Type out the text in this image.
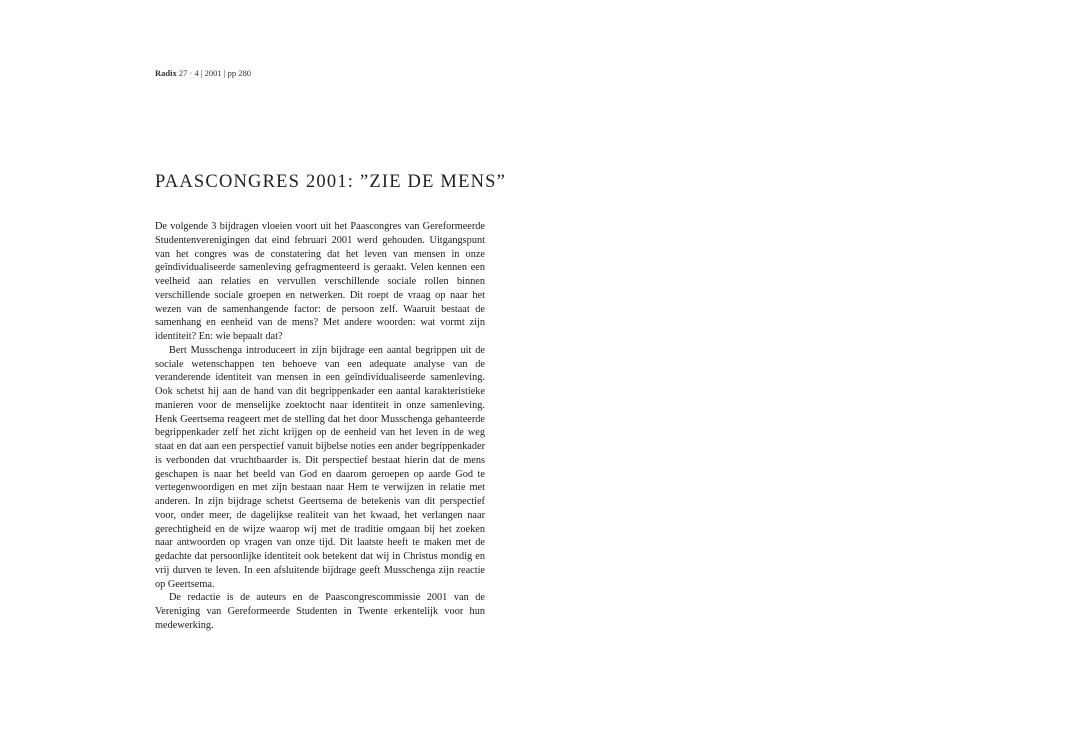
Radix 27 · 4 | 2001 | pp 280
PAASCONGRES 2001: ”ZIE DE MENS”

De volgende 3 bijdragen vloeien voort uit het Paascongres van Gereformeerde Studentenverenigingen dat eind februari 2001 werd gehouden. Uitgangspunt van het congres was de constatering dat het leven van mensen in onze geïndividualiseerde samenleving gefragmenteerd is geraakt. Velen kennen een veelheid aan relaties en vervullen verschillende sociale rollen binnen verschillende sociale groepen en netwerken. Dit roept de vraag op naar het wezen van de samenhangende factor: de persoon zelf. Waaruit bestaat de samenhang en eenheid van de mens? Met andere woorden: wat vormt zijn identiteit? En: wie bepaalt dat?

Bert Musschenga introduceert in zijn bijdrage een aantal begrippen uit de sociale wetenschappen ten behoeve van een adequate analyse van de veranderende identiteit van mensen in een geïndividualiseerde samenleving. Ook schetst hij aan de hand van dit begrippenkader een aantal karakteristieke manieren voor de menselijke zoektocht naar identiteit in onze samenleving. Henk Geertsema reageert met de stelling dat het door Musschenga gehanteerde begrippenkader zelf het zicht krijgen op de eenheid van het leven in de weg staat en dat aan een perspectief vanuit bijbelse noties een ander begrippenkader is verbonden dat vruchtbaarder is. Dit perspectief bestaat hierin dat de mens geschapen is naar het beeld van God en daarom geroepen op aarde God te vertegenwoordigen en met zijn bestaan naar Hem te verwijzen in relatie met anderen. In zijn bijdrage schetst Geertsema de betekenis van dit perspectief voor, onder meer, de dagelijkse realiteit van het kwaad, het verlangen naar gerechtigheid en de wijze waarop wij met de traditie omgaan bij het zoeken naar antwoorden op vragen van onze tijd. Dit laatste heeft te maken met de gedachte dat persoonlijke identiteit ook betekent dat wij in Christus mondig en vrij durven te leven. In een afsluitende bijdrage geeft Musschenga zijn reactie op Geertsema.

De redactie is de auteurs en de Paascongrescommissie 2001 van de Vereniging van Gereformeerde Studenten in Twente erkentelijk voor hun medewerking.
